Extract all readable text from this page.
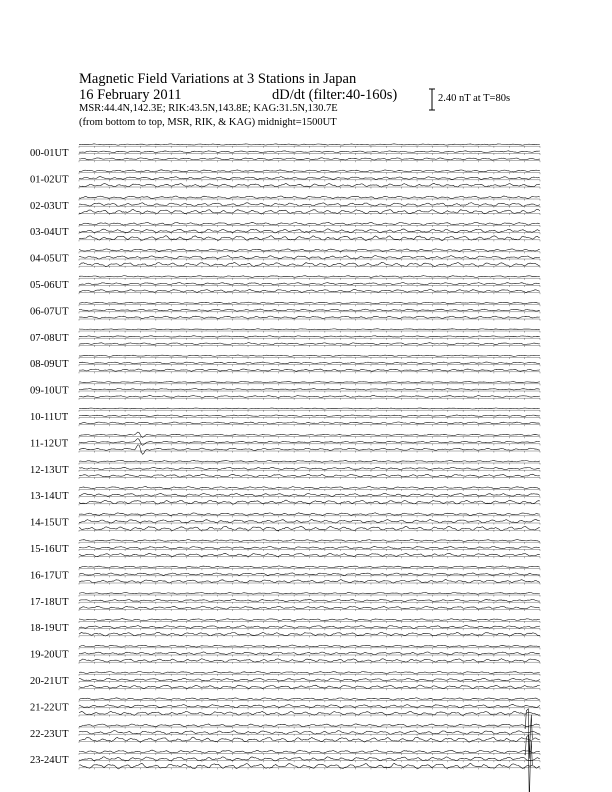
Magnetic Field Variations at 3 Stations in Japan
16 February 2011	dD/dt (filter:40-160s)
MSR:44.4N,142.3E; RIK:43.5N,143.8E; KAG:31.5N,130.7E
(from bottom to top, MSR, RIK, & KAG) midnight=1500UT
2.40 nT at T=80s
00-01UT
01-02UT
02-03UT
03-04UT
04-05UT
05-06UT
06-07UT
07-08UT
08-09UT
09-10UT
10-11UT
11-12UT
12-13UT
13-14UT
14-15UT
15-16UT
16-17UT
17-18UT
18-19UT
19-20UT
20-21UT
21-22UT
22-23UT
23-24UT
